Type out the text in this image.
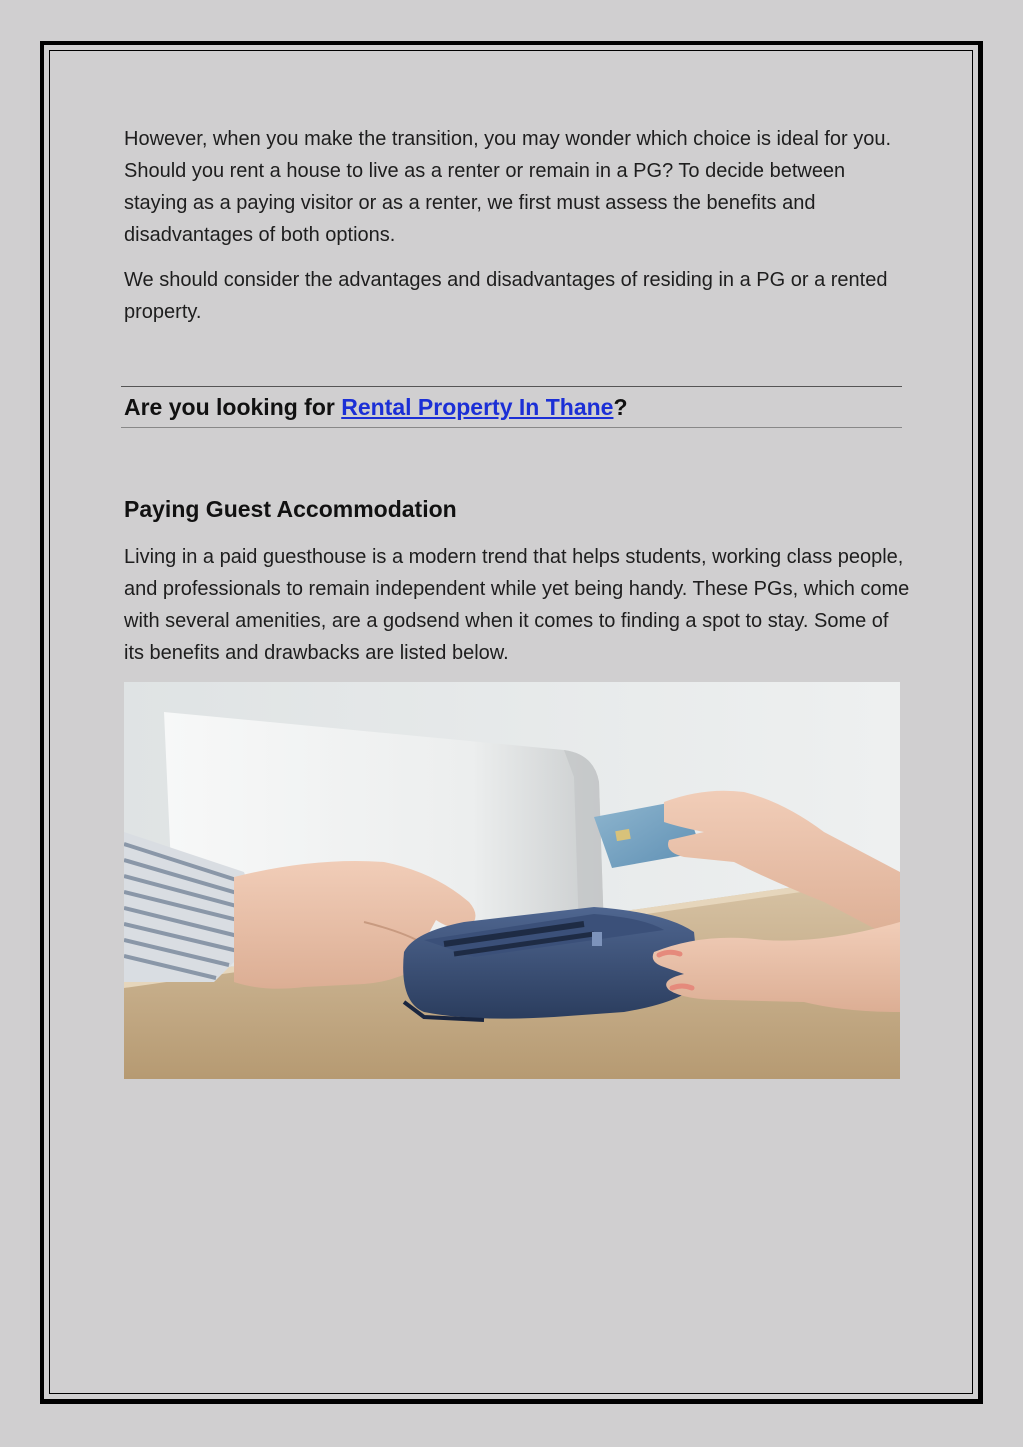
However, when you make the transition, you may wonder which choice is ideal for you. Should you rent a house to live as a renter or remain in a PG? To decide between staying as a paying visitor or as a renter, we first must assess the benefits and disadvantages of both options.

We should consider the advantages and disadvantages of residing in a PG or a rented property.

Are you looking for Rental Property In Thane?

Paying Guest Accommodation

Living in a paid guesthouse is a modern trend that helps students, working class people, and professionals to remain independent while yet being handy. These PGs, which come with several amenities, are a godsend when it comes to finding a spot to stay. Some of its benefits and drawbacks are listed below.
